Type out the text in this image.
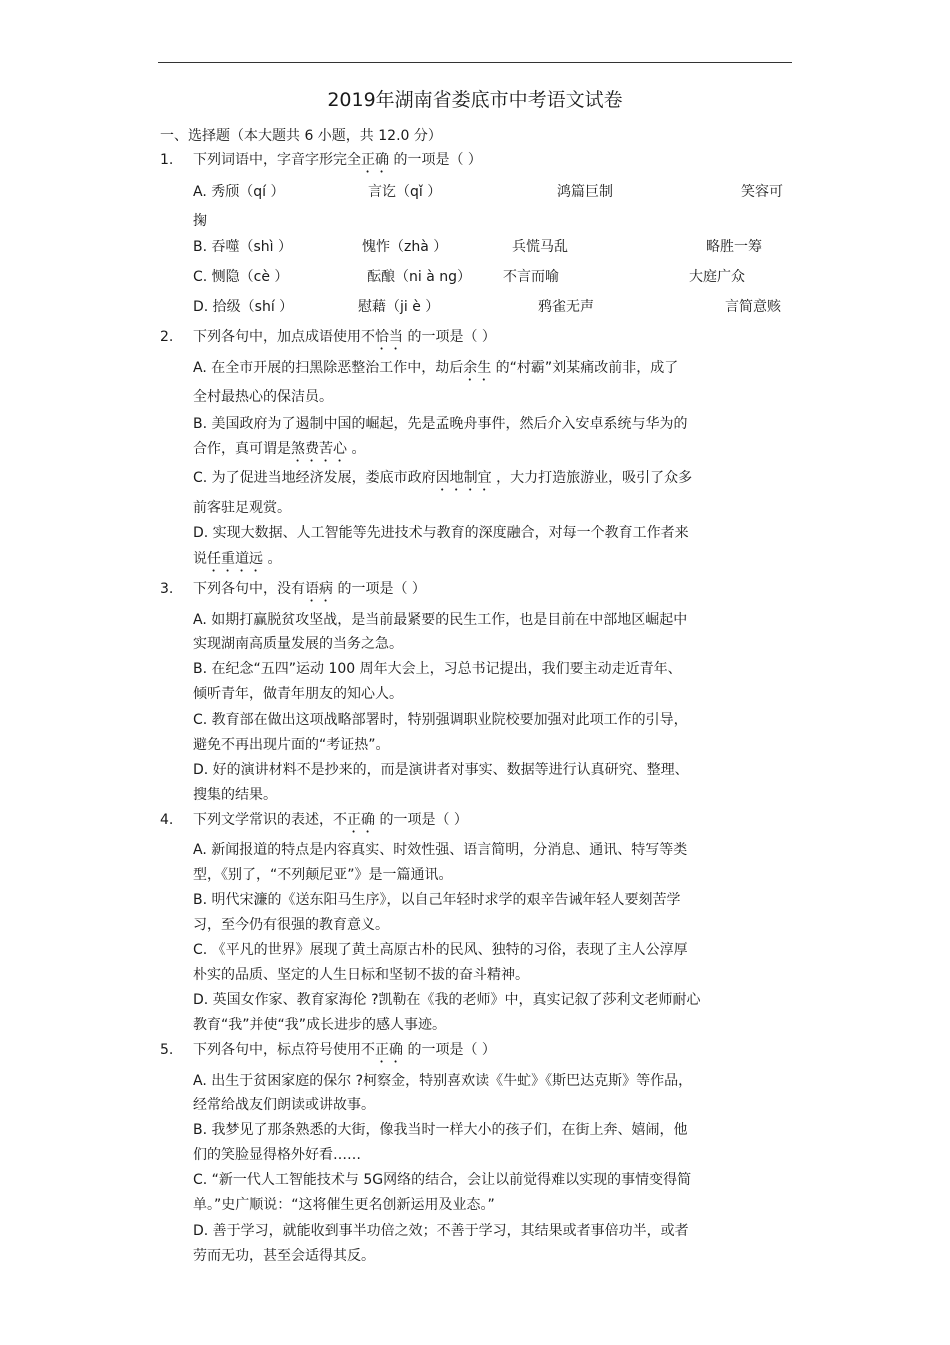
2019年湖南省娄底市中考语文试卷
一、选择题（本大题共 6 小题，共 12.0 分）
1. 下列词语中，字音字形完全正确 的一项是（ ）
A. 秀颀（qí ）	言讫（qǐ ）	鸿篇巨制	笑容可
掬
B. 吞噬（shì ）	愧怍（zhà ）	兵慌马乱	略胜一筹
C. 恻隐（cè ）	酝酿（ni à ng） 不言而喻	大庭广众
D. 拾级（shí ）	慰藉（ji è ）	鸦雀无声	言简意赅
2. 下列各句中，加点成语使用不恰当 的一项是（ ）
A. 在全市开展的扫黑除恶整治工作中，劫后余生 的“村霸”刘某痛改前非，成了
全村最热心的保洁员。
B. 美国政府为了遏制中国的崛起，先是孟晚舟事件，然后介入安卓系统与华为的
合作，真可谓是煞费苦心 。
C. 为了促进当地经济发展，娄底市政府因地制宜 ，大力打造旅游业，吸引了众多
前客驻足观赏。
D. 实现大数据、人工智能等先进技术与教育的深度融合，对每一个教育工作者来
说任重道远 。
3. 下列各句中，没有语病 的一项是（ ）
A. 如期打赢脱贫攻坚战，是当前最紧要的民生工作，也是目前在中部地区崛起中
实现湖南高质量发展的当务之急。
B. 在纪念“五四”运动 100 周年大会上，习总书记提出，我们要主动走近青年、
倾听青年，做青年朋友的知心人。
C. 教育部在做出这项战略部署时，特别强调职业院校要加强对此项工作的引导，
避免不再出现片面的“考证热”。
D. 好的演讲材料不是抄来的，而是演讲者对事实、数据等进行认真研究、整理、
搜集的结果。
4. 下列文学常识的表述，不正确 的一项是（ ）
A. 新闻报道的特点是内容真实、时效性强、语言简明，分消息、通讯、特写等类
型，《别了，“不列颠尼亚”》是一篇通讯。
B. 明代宋濂的《送东阳马生序》，以自己年轻时求学的艰辛告诫年轻人要刻苦学
习，至今仍有很强的教育意义。
C. 《平凡的世界》展现了黄土高原古朴的民风、独特的习俗，表现了主人公淳厚
朴实的品质、坚定的人生日标和坚韧不拔的奋斗精神。
D. 英国女作家、教育家海伦 ?凯勒在《我的老师》中，真实记叙了莎利文老师耐心
教育“我”并使“我”成长进步的感人事迹。
5. 下列各句中，标点符号使用不正确 的一项是（ ）
A. 出生于贫困家庭的保尔 ?柯察金，特别喜欢读《牛虻》《斯巴达克斯》等作品，
经常给战友们朗读或讲故事。
B. 我梦见了那条熟悉的大街，像我当时一样大小的孩子们，在街上奔、嬉闹，他
们的笑脸显得格外好看……
C. “新一代人工智能技术与 5G网络的结合，会让以前觉得难以实现的事情变得简
单。”史广顺说：“这将催生更名创新运用及业态。”
D. 善于学习，就能收到事半功倍之效；不善于学习，其结果或者事倍功半，或者
劳而无功，甚至会适得其反。
